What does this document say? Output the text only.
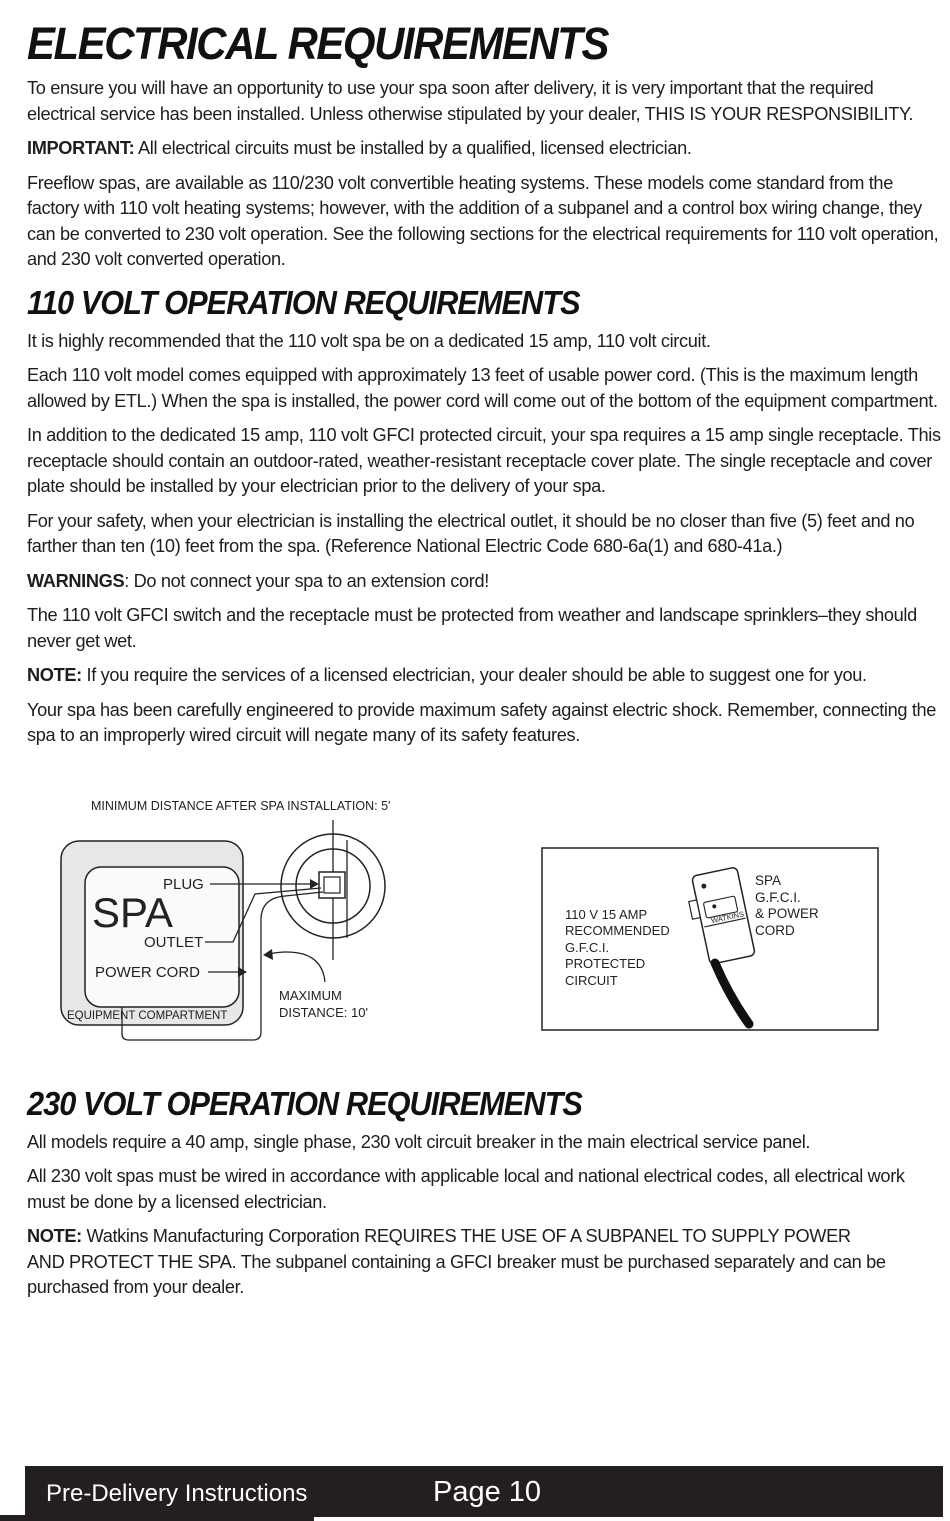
ELECTRICAL REQUIREMENTS

To ensure you will have an opportunity to use your spa soon after delivery, it is very important that the required electrical service has been installed. Unless otherwise stipulated by your dealer, THIS IS YOUR RESPONSIBILITY.

IMPORTANT: All electrical circuits must be installed by a qualified, licensed electrician.

Freeflow spas, are available as 110/230 volt convertible heating systems. These models come standard from the factory with 110 volt heating systems; however, with the addition of a subpanel and a control box wiring change, they can be converted to 230 volt operation. See the following sections for the electrical requirements for 110 volt operation, and 230 volt converted operation.

110 VOLT OPERATION REQUIREMENTS

It is highly recommended that the 110 volt spa be on a dedicated 15 amp, 110 volt circuit.

Each 110 volt model comes equipped with approximately 13 feet of usable power cord. (This is the maximum length allowed by ETL.) When the spa is installed, the power cord will come out of the bottom of the equipment compartment.

In addition to the dedicated 15 amp, 110 volt GFCI protected circuit, your spa requires a 15 amp single receptacle. This receptacle should contain an outdoor-rated, weather-resistant receptacle cover plate. The single receptacle and cover plate should be installed by your electrician prior to the delivery of your spa.

For your safety, when your electrician is installing the electrical outlet, it should be no closer than five (5) feet and no farther than ten (10) feet from the spa. (Reference National Electric Code 680-6a(1) and 680-41a.)

WARNINGS: Do not connect your spa to an extension cord!

The 110 volt GFCI switch and the receptacle must be protected from weather and landscape sprinklers–they should never get wet.

NOTE: If you require the services of a licensed electrician, your dealer should be able to suggest one for you.

Your spa has been carefully engineered to provide maximum safety against electric shock. Remember, connecting the spa to an improperly wired circuit will negate many of its safety features.

MINIMUM DISTANCE AFTER SPA INSTALLATION: 5'
SPA
PLUG
OUTLET
POWER CORD
EQUIPMENT COMPARTMENT
MAXIMUM
DISTANCE: 10'
110 V 15 AMP RECOMMENDED G.F.C.I. PROTECTED CIRCUIT
SPA G.F.C.I. & POWER CORD
WATKINS
230 VOLT OPERATION REQUIREMENTS

All models require a 40 amp, single phase, 230 volt circuit breaker in the main electrical service panel.

All 230 volt spas must be wired in accordance with applicable local and national electrical codes, all electrical work must be done by a licensed electrician.

NOTE: Watkins Manufacturing Corporation REQUIRES THE USE OF A SUBPANEL TO SUPPLY POWER
AND PROTECT THE SPA. The subpanel containing a GFCI breaker must be purchased separately and can be purchased from your dealer.

Pre-Delivery Instructions	Page 10
